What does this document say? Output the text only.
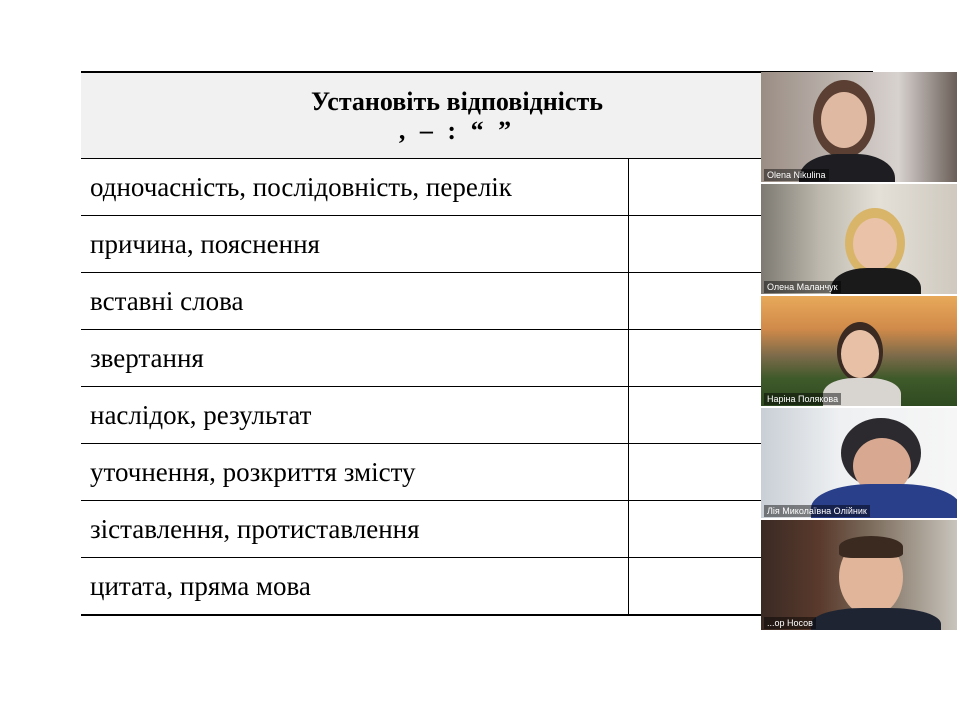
Установіть відповідність
, – : “ ”	

одночасність, послідовність, перелік	
причина, пояснення	
вставні слова	
звертання	
наслідок, результат	
уточнення, розкриття змісту	
зіставлення, протиставлення	
цитата, пряма мова	
Olena Nikulina
Олена Маланчук
Наріна Полякова
Лія Миколаївна Олійник
...ор Носов
